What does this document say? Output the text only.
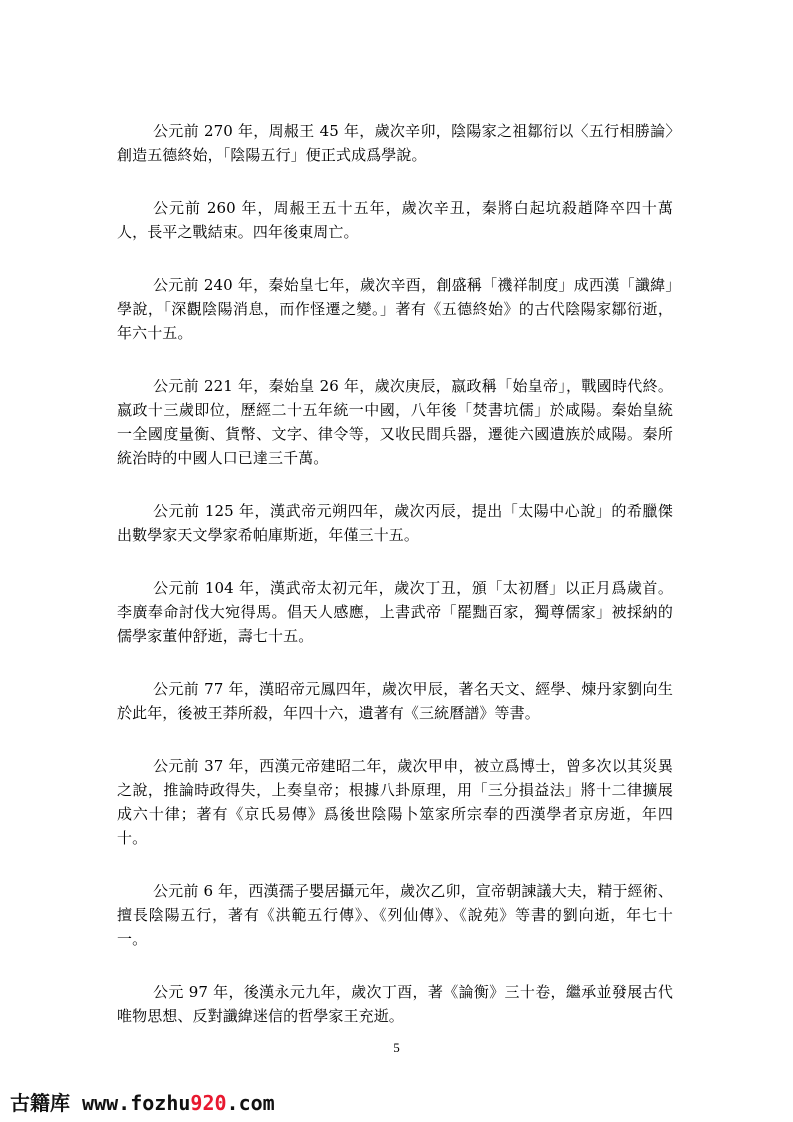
公元前 270 年，周赧王 45 年，歲次辛卯，陰陽家之祖鄒衍以〈五行相勝論〉創造五德終始，「陰陽五行」便正式成爲學說。

公元前 260 年，周赧王五十五年，歲次辛丑，秦將白起坑殺趙降卒四十萬人，長平之戰結束。四年後東周亡。

公元前 240 年，秦始皇七年，歲次辛酉，創盛稱「禨祥制度」成西漢「讖緯」學說，「深觀陰陽消息，而作怪遷之變。」著有《五德終始》的古代陰陽家鄒衍逝，年六十五。

公元前 221 年，秦始皇 26 年，歲次庚辰，嬴政稱「始皇帝」，戰國時代終。嬴政十三歲即位，歷經二十五年統一中國，八年後「焚書坑儒」於咸陽。秦始皇統一全國度量衡、貨幣、文字、律令等，又收民間兵器，遷徙六國遺族於咸陽。秦所統治時的中國人口已達三千萬。

公元前 125 年，漢武帝元朔四年，歲次丙辰，提出「太陽中心說」的希臘傑出數學家天文學家希帕庫斯逝，年僅三十五。

公元前 104 年，漢武帝太初元年，歲次丁丑，頒「太初曆」以正月爲歲首。李廣奉命討伐大宛得馬。倡天人感應，上書武帝「罷黜百家，獨尊儒家」被採納的儒學家董仲舒逝，壽七十五。

公元前 77 年，漢昭帝元鳳四年，歲次甲辰，著名天文、經學、煉丹家劉向生於此年，後被王莽所殺，年四十六，遺著有《三統曆譜》等書。

公元前 37 年，西漢元帝建昭二年，歲次甲申，被立爲博士，曾多次以其災異之說，推論時政得失，上奏皇帝；根據八卦原理，用「三分損益法」將十二律擴展成六十律；著有《京氏易傳》爲後世陰陽卜筮家所宗奉的西漢學者京房逝，年四十。

公元前 6 年，西漢孺子嬰居攝元年，歲次乙卯，宣帝朝諫議大夫，精于經術、擅長陰陽五行，著有《洪範五行傳》、《列仙傳》、《說苑》等書的劉向逝，年七十一。

公元 97 年，後漢永元九年，歲次丁酉，著《論衡》三十卷，繼承並發展古代唯物思想、反對讖緯迷信的哲學家王充逝。

5
古籍库 www.fozhu920.com
